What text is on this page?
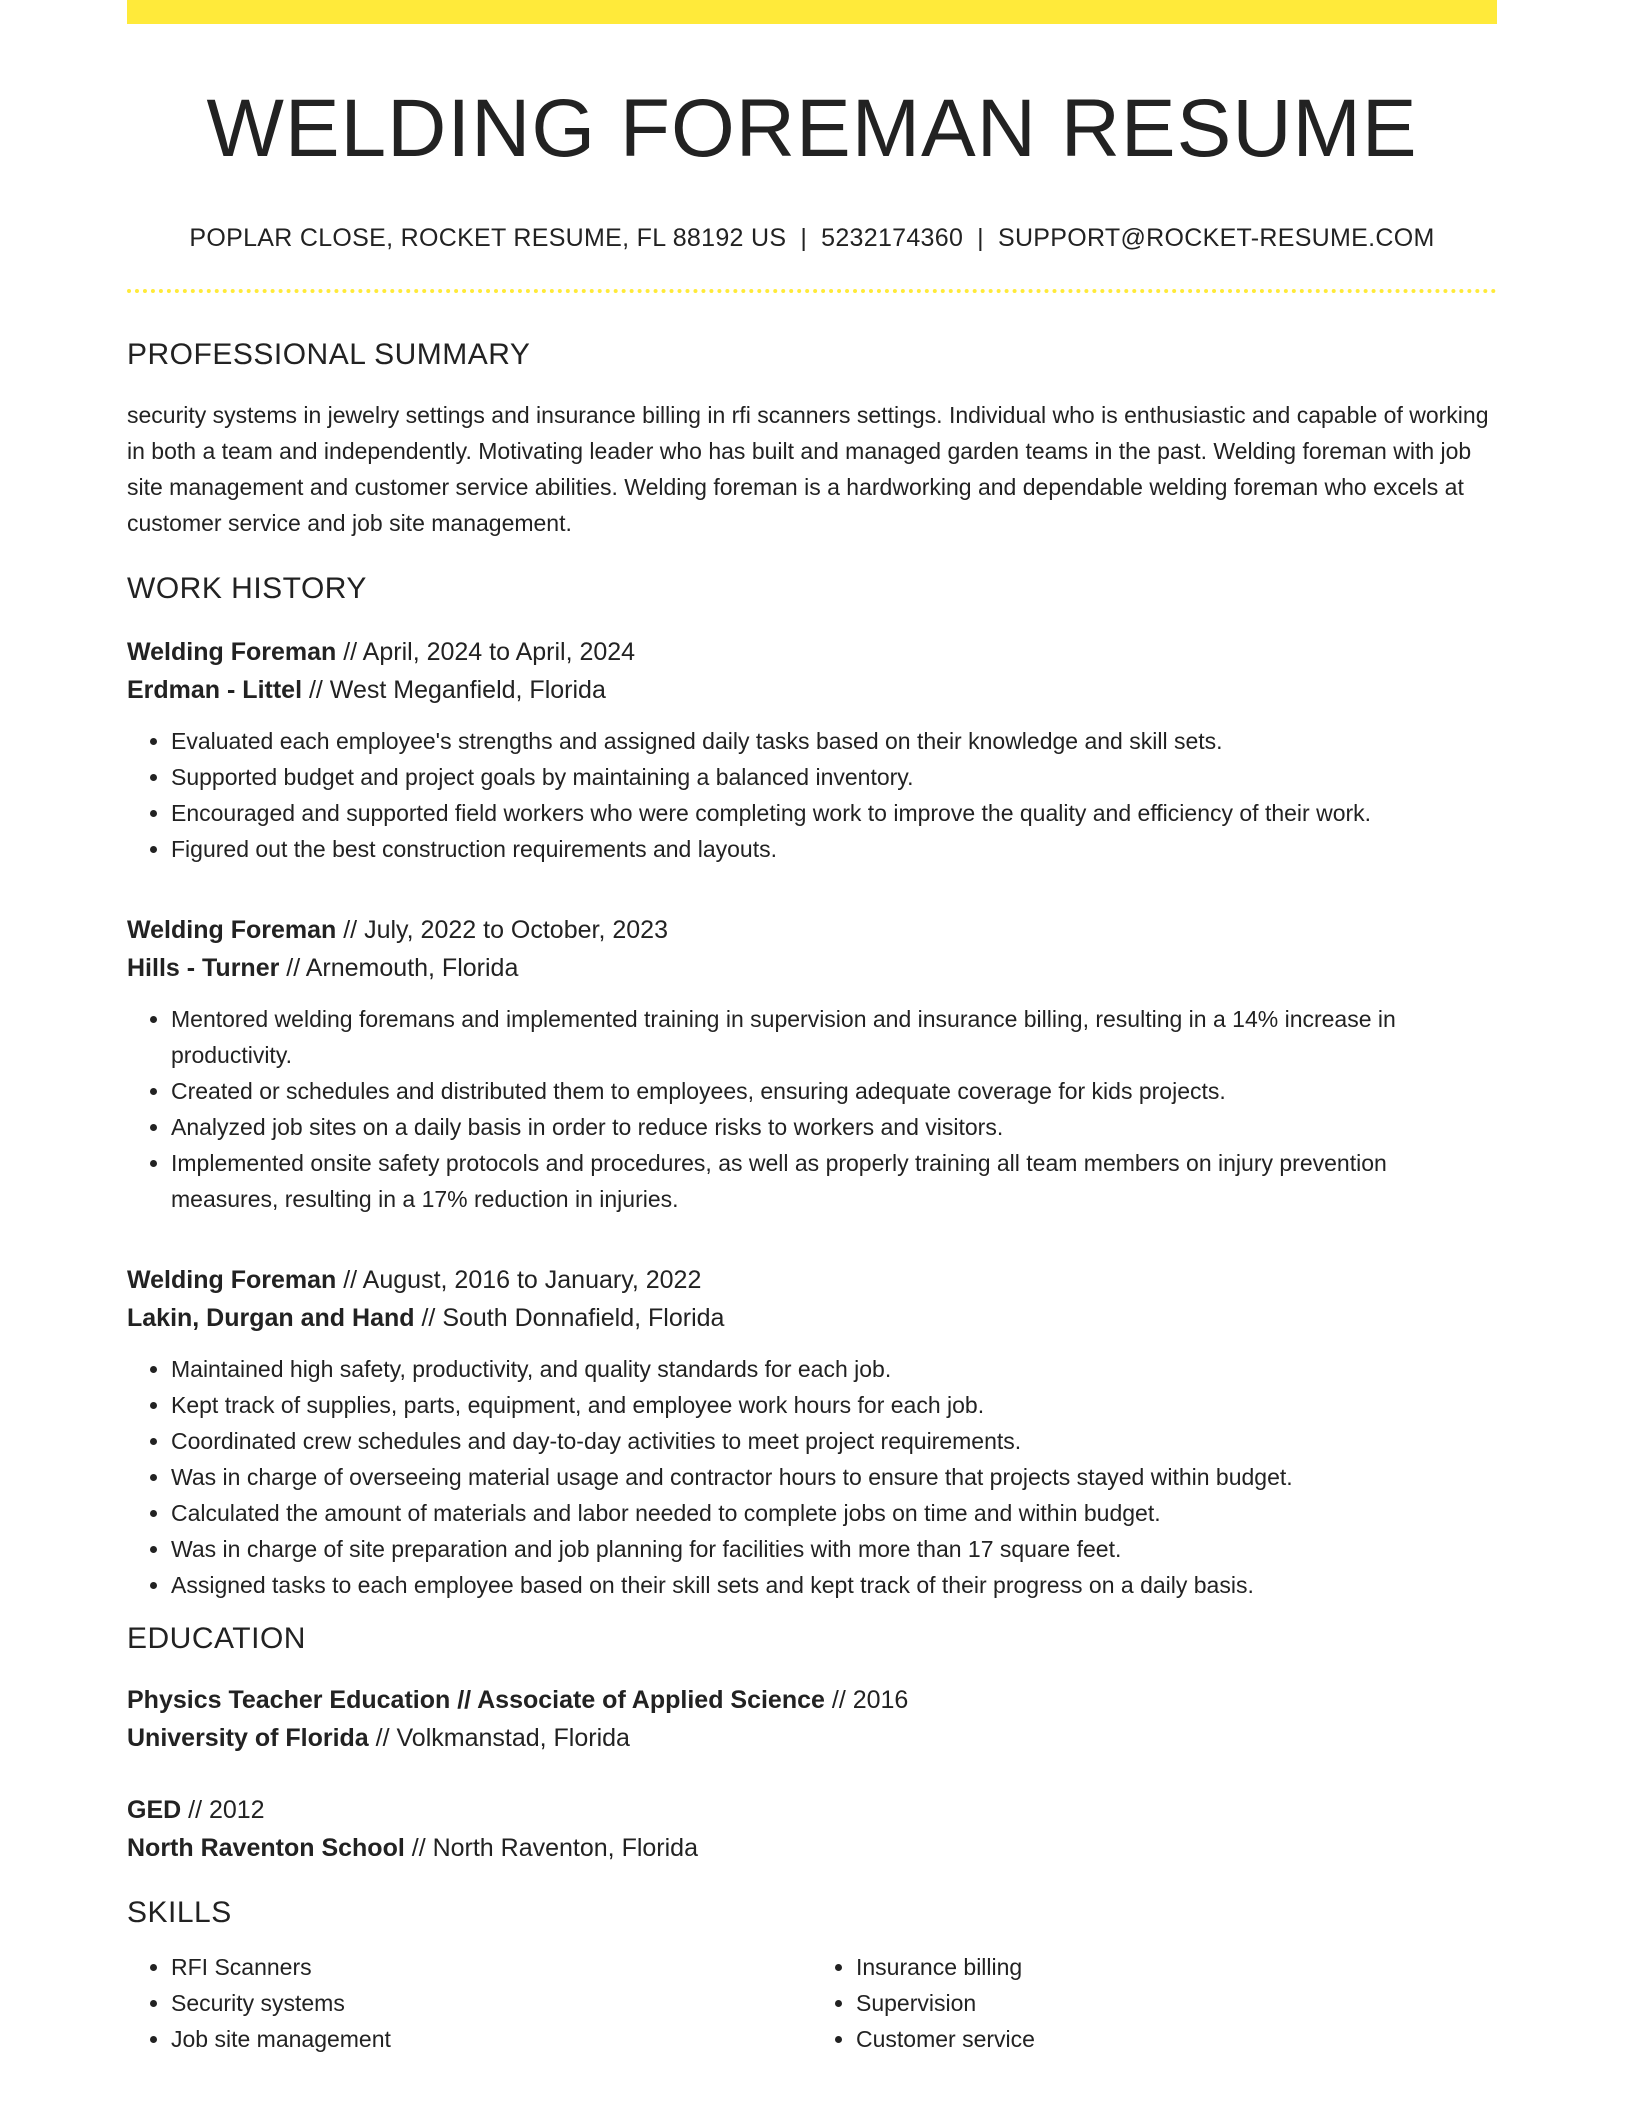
WELDING FOREMAN RESUME
POPLAR CLOSE, ROCKET RESUME, FL 88192 US | 5232174360 | SUPPORT@ROCKET-RESUME.COM
PROFESSIONAL SUMMARY
security systems in jewelry settings and insurance billing in rfi scanners settings. Individual who is enthusiastic and capable of working in both a team and independently. Motivating leader who has built and managed garden teams in the past. Welding foreman with job site management and customer service abilities. Welding foreman is a hardworking and dependable welding foreman who excels at customer service and job site management.
WORK HISTORY
Welding Foreman // April, 2024 to April, 2024
Erdman - Littel // West Meganfield, Florida
• Evaluated each employee's strengths and assigned daily tasks based on their knowledge and skill sets.
• Supported budget and project goals by maintaining a balanced inventory.
• Encouraged and supported field workers who were completing work to improve the quality and efficiency of their work.
• Figured out the best construction requirements and layouts.
Welding Foreman // July, 2022 to October, 2023
Hills - Turner // Arnemouth, Florida
• Mentored welding foremans and implemented training in supervision and insurance billing, resulting in a 14% increase in productivity.
• Created or schedules and distributed them to employees, ensuring adequate coverage for kids projects.
• Analyzed job sites on a daily basis in order to reduce risks to workers and visitors.
• Implemented onsite safety protocols and procedures, as well as properly training all team members on injury prevention measures, resulting in a 17% reduction in injuries.
Welding Foreman // August, 2016 to January, 2022
Lakin, Durgan and Hand // South Donnafield, Florida
• Maintained high safety, productivity, and quality standards for each job.
• Kept track of supplies, parts, equipment, and employee work hours for each job.
• Coordinated crew schedules and day-to-day activities to meet project requirements.
• Was in charge of overseeing material usage and contractor hours to ensure that projects stayed within budget.
• Calculated the amount of materials and labor needed to complete jobs on time and within budget.
• Was in charge of site preparation and job planning for facilities with more than 17 square feet.
• Assigned tasks to each employee based on their skill sets and kept track of their progress on a daily basis.
EDUCATION
Physics Teacher Education // Associate of Applied Science // 2016
University of Florida // Volkmanstad, Florida
GED // 2012
North Raventon School // North Raventon, Florida
SKILLS
• RFI Scanners
• Security systems
• Job site management
• Insurance billing
• Supervision
• Customer service
